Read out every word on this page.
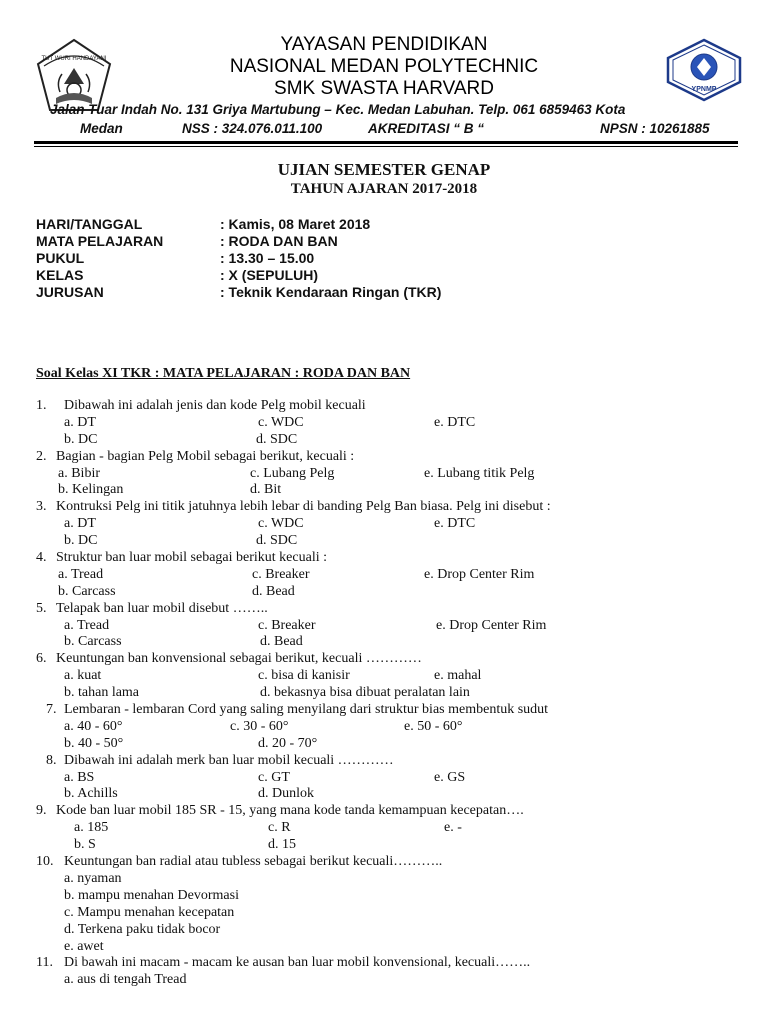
TUT WURI HANDAYANI
YPNMP
YAYASAN PENDIDIKAN
NASIONAL MEDAN POLYTECHNIC
SMK SWASTA HARVARD
Jalan Tuar Indah No. 131 Griya Martubung – Kec. Medan Labuhan. Telp. 061 6859463 Kota
Medan	NSS : 324.076.011.100	AKREDITASI “ B “	NPSN : 10261885
UJIAN SEMESTER GENAP
TAHUN AJARAN 2017-2018
HARI/TANGGAL	: Kamis, 08 Maret 2018
MATA PELAJARAN	: RODA DAN BAN
PUKUL	: 13.30 – 15.00
KELAS	: X (SEPULUH)
JURUSAN	: Teknik Kendaraan Ringan (TKR)
Soal Kelas XI TKR : MATA PELAJARAN : RODA DAN BAN
1. Dibawah ini adalah jenis dan kode Pelg mobil kecuali
a. DT	c. WDC	e. DTC
b. DC	d. SDC
2. Bagian - bagian Pelg Mobil sebagai berikut, kecuali :
a. Bibir	c. Lubang Pelg	e. Lubang titik Pelg
b. Kelingan	d. Bit
3. Kontruksi Pelg ini titik jatuhnya lebih lebar di banding Pelg Ban biasa. Pelg ini disebut :
a. DT	c. WDC	e. DTC
b. DC	d. SDC
4. Struktur ban luar mobil sebagai berikut kecuali :
a. Tread	c. Breaker	e. Drop Center Rim
b. Carcass	d. Bead
5. Telapak ban luar mobil disebut ……..
a. Tread	c. Breaker	e. Drop Center Rim
b. Carcass	d. Bead
6. Keuntungan ban konvensional sebagai berikut, kecuali …………
a. kuat	c. bisa di kanisir	e. mahal
b. tahan lama	d. bekasnya bisa dibuat peralatan lain
7. Lembaran - lembaran Cord yang saling menyilang dari struktur bias membentuk sudut
a. 40 - 60°	c. 30 - 60°	e. 50 - 60°
b. 40 - 50°	d. 20 - 70°
8. Dibawah ini adalah merk ban luar mobil kecuali …………
a. BS	c. GT	e. GS
b. Achills	d. Dunlok
9. Kode ban luar mobil 185 SR - 15, yang mana kode tanda kemampuan kecepatan….
a. 185	c. R	e. -
b. S	d. 15
10. Keuntungan ban radial atau tubless sebagai berikut kecuali………..
a. nyaman
b. mampu menahan Devormasi
c. Mampu menahan kecepatan
d. Terkena paku tidak bocor
e. awet
11. Di bawah ini macam - macam ke ausan ban luar mobil konvensional, kecuali……..
a. aus di tengah Tread
